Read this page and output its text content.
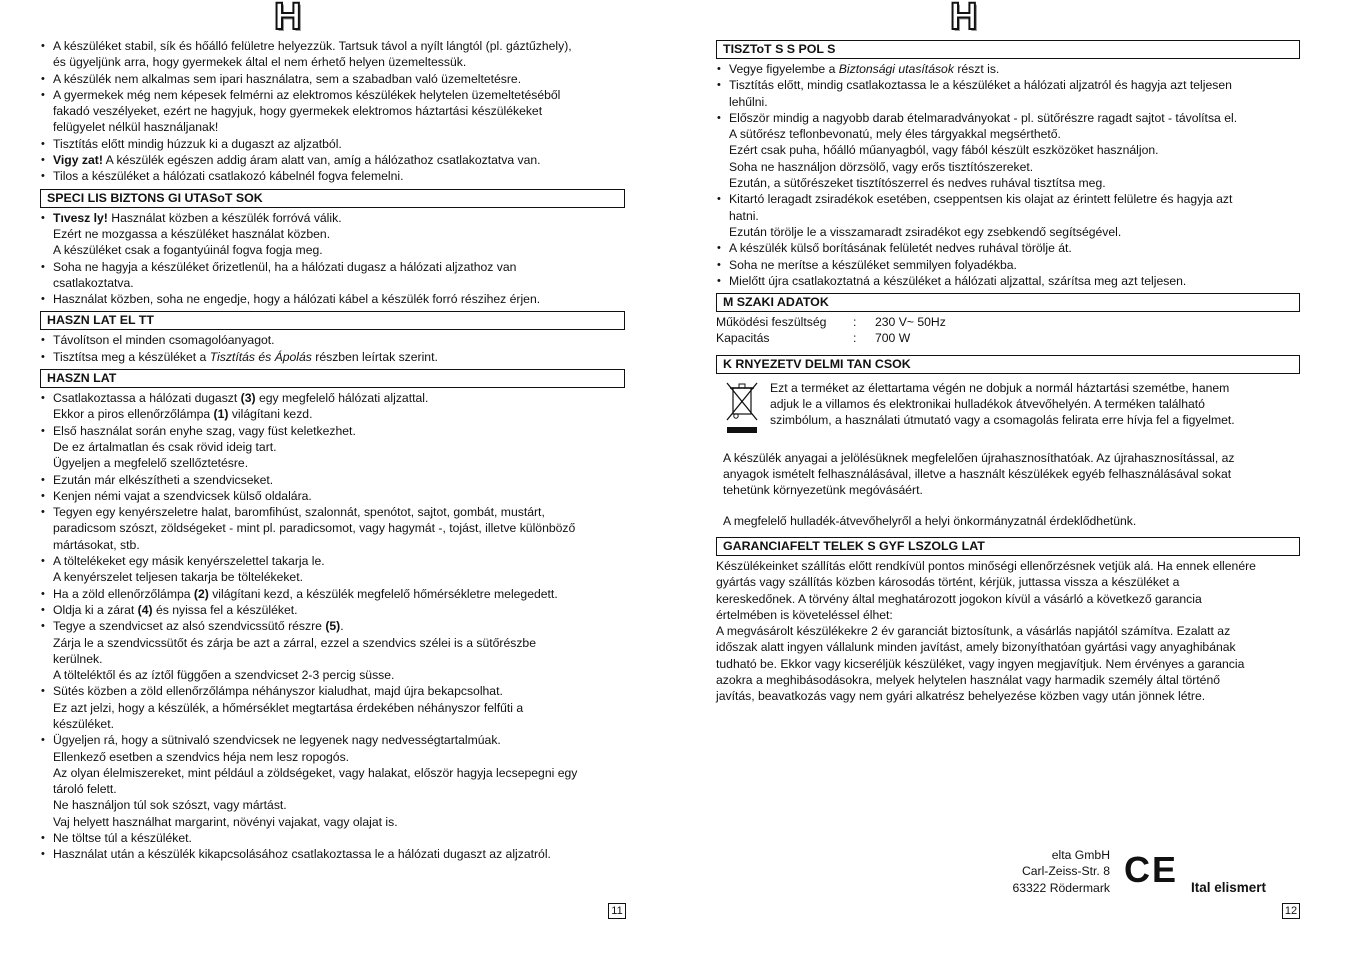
H
• A készüléket stabil, sík és hőálló felületre helyezzük. Tartsuk távol a nyílt lángtól (pl. gáztűzhely),
és ügyeljünk arra, hogy gyermekek által el nem érhető helyen üzemeltessük.
• A készülék nem alkalmas sem ipari használatra, sem a szabadban való üzemeltetésre.
• A gyermekek még nem képesek felmérni az elektromos készülékek helytelen üzemeltetéséből
fakadó veszélyeket, ezért ne hagyjuk, hogy gyermekek elektromos háztartási készülékeket
felügyelet nélkül használjanak!
• Tisztítás előtt mindig húzzuk ki a dugaszt az aljzatból.
• Vigy zat! A készülék egészen addig áram alatt van, amíg a hálózathoz csatlakoztatva van.
• Tilos a készüléket a hálózati csatlakozó kábelnél fogva felemelni.
SPECI LIS BIZTONS GI UTASoT SOK
• Tıvesz ly! Használat közben a készülék forróvá válik.
Ezért ne mozgassa a készüléket használat közben.
A készüléket csak a fogantyúinál fogva fogja meg.
• Soha ne hagyja a készüléket őrizetlenül, ha a hálózati dugasz a hálózati aljzathoz van
csatlakoztatva.
• Használat közben, soha ne engedje, hogy a hálózati kábel a készülék forró részihez érjen.
HASZN LAT EL TT
• Távolítson el minden csomagolóanyagot.
• Tisztítsa meg a készüléket a Tisztítás és Ápolás részben leírtak szerint.
HASZN LAT
• Csatlakoztassa a hálózati dugaszt (3) egy megfelelő hálózati aljzattal.
Ekkor a piros ellenőrzőlámpa (1) világítani kezd.
• Első használat során enyhe szag, vagy füst keletkezhet.
De ez ártalmatlan és csak rövid ideig tart.
Ügyeljen a megfelelő szellőztetésre.
• Ezután már elkészítheti a szendvicseket.
• Kenjen némi vajat a szendvicsek külső oldalára.
• Tegyen egy kenyérszeletre halat, baromfihúst, szalonnát, spenótot, sajtot, gombát, mustárt,
paradicsom szószt, zöldségeket - mint pl. paradicsomot, vagy hagymát -, tojást, illetve különböző
mártásokat, stb.
• A töltelékeket egy másik kenyérszelettel takarja le.
A kenyérszelet teljesen takarja be töltelékeket.
• Ha a zöld ellenőrzőlámpa (2) világítani kezd, a készülék megfelelő hőmérsékletre melegedett.
• Oldja ki a zárat (4) és nyissa fel a készüléket.
• Tegye a szendvicset az alsó szendvicssütő részre (5).
Zárja le a szendvicssütőt és zárja be azt a zárral, ezzel a szendvics szélei is a sütőrészbe
kerülnek.
A tölteléktől és az íztől függően a szendvicset 2-3 percig süsse.
• Sütés közben a zöld ellenőrzőlámpa néhányszor kialudhat, majd újra bekapcsolhat.
Ez azt jelzi, hogy a készülék, a hőmérséklet megtartása érdekében néhányszor felfűti a
készüléket.
• Ügyeljen rá, hogy a sütnivaló szendvicsek ne legyenek nagy nedvességtartalmúak.
Ellenkező esetben a szendvics héja nem lesz ropogós.
Az olyan élelmiszereket, mint például a zöldségeket, vagy halakat, először hagyja lecsepegni egy
tároló felett.
Ne használjon túl sok szószt, vagy mártást.
Vaj helyett használhat margarint, növényi vajakat, vagy olajat is.
• Ne töltse túl a készüléket.
• Használat után a készülék kikapcsolásához csatlakoztassa le a hálózati dugaszt az aljzatról.
11
H
TISZToT S S POL S
• Vegye figyelembe a Biztonsági utasítások részt is.
• Tisztítás előtt, mindig csatlakoztassa le a készüléket a hálózati aljzatról és hagyja azt teljesen
lehűlni.
• Először mindig a nagyobb darab ételmaradványokat - pl. sütőrészre ragadt sajtot - távolítsa el.
A sütőrész teflonbevonatú, mely éles tárgyakkal megsérthető.
Ezért csak puha, hőálló műanyagból, vagy fából készült eszközöket használjon.
Soha ne használjon dörzsölő, vagy erős tisztítószereket.
Ezután, a sütőrészeket tisztítószerrel és nedves ruhával tisztítsa meg.
• Kitartó leragadt zsiradékok esetében, cseppentsen kis olajat az érintett felületre és hagyja azt
hatni.
Ezután törölje le a visszamaradt zsiradékot egy zsebkendő segítségével.
• A készülék külső borításának felületét nedves ruhával törölje át.
• Soha ne merítse a készüléket semmilyen folyadékba.
• Mielőtt újra csatlakoztatná a készüléket a hálózati aljzattal, szárítsa meg azt teljesen.
M SZAKI ADATOK
Működési feszültség	:	230 V~ 50Hz
Kapacitás	:	700 W
K RNYEZETV DELMI TAN CSOK
Ezt a terméket az élettartama végén ne dobjuk a normál háztartási szemétbe, hanem
adjuk le a villamos és elektronikai hulladékok átvevőhelyén. A terméken található
szimbólum, a használati útmutató vagy a csomagolás felirata erre hívja fel a figyelmet.
A készülék anyagai a jelölésüknek megfelelően újrahasznosíthatóak. Az újrahasznosítással, az
anyagok ismételt felhasználásával, illetve a használt készülékek egyéb felhasználásával sokat
tehetünk környezetünk megóvásáért.
A megfelelő hulladék-átvevőhelyről a helyi önkormányzatnál érdeklődhetünk.
GARANCIAFELT TELEK S GYF LSZOLG LAT
Készülékeinket szállítás előtt rendkívül pontos minőségi ellenőrzésnek vetjük alá. Ha ennek ellenére
gyártás vagy szállítás közben károsodás történt, kérjük, juttassa vissza a készüléket a
kereskedőnek. A törvény által meghatározott jogokon kívül a vásárló a következő garancia
értelmében is követeléssel élhet:
A megvásárolt készülékekre 2 év garanciát biztosítunk, a vásárlás napjától számítva. Ezalatt az
időszak alatt ingyen vállalunk minden javítást, amely bizonyíthatóan gyártási vagy anyaghibának
tudható be. Ekkor vagy kicseréljük készüléket, vagy ingyen megjavítjuk. Nem érvényes a garancia
azokra a meghibásodásokra, melyek helytelen használat vagy harmadik személy által történő
javítás, beavatkozás vagy nem gyári alkatrész behelyezése közben vagy után jönnek létre.
elta GmbH
Carl-Zeiss-Str. 8
63322 Rödermark CE Ital elismert
12
